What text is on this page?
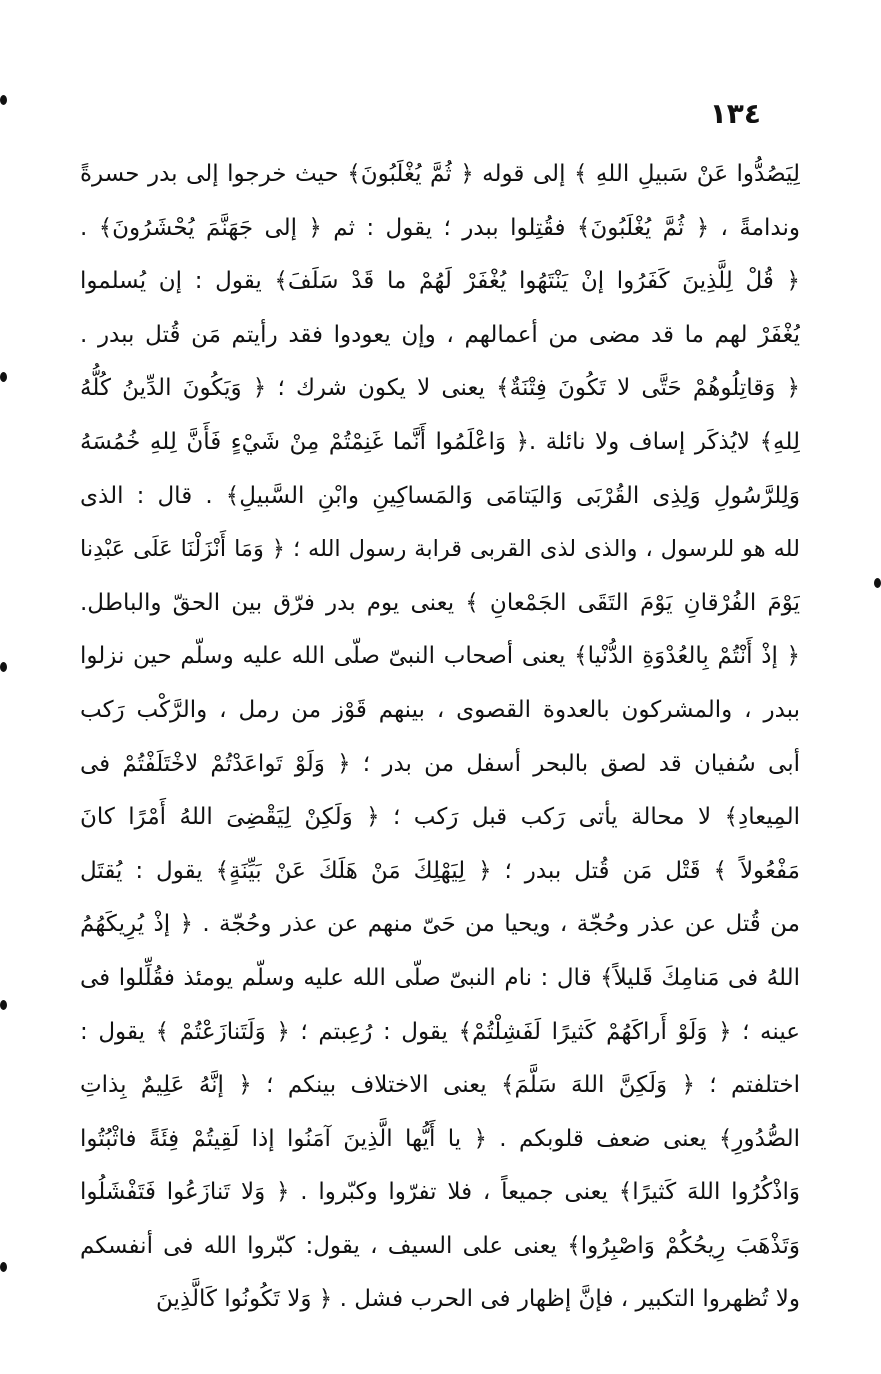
١٣٤
لِيَصُدُّوا عَنْ سَبيلِ اللهِ ﴾ إلى قوله ﴿ ثُمَّ يُغْلَبُونَ﴾ حيث خرجوا إلى بدر حسرةً
وندامةً ، ﴿ ثُمَّ يُغْلَبُونَ﴾ فقُتِلوا ببدر ؛ يقول : ثم ﴿ إلى جَهَنَّمَ يُحْشَرُونَ﴾ .
﴿ قُلْ لِلَّذِينَ كَفَرُوا إنْ يَنْتَهُوا يُغْفَرْ لَهُمْ ما قَدْ سَلَفَ﴾ يقول : إن يُسلموا
يُغْفَرْ لهم ما قد مضى من أعمالهم ، وإن يعودوا فقد رأيتم مَن قُتل ببدر .
﴿ وَقاتِلُوهُمْ حَتَّى لا تَكُونَ فِتْنَةٌ﴾ يعنى لا يكون شرك ؛ ﴿ وَيَكُونَ الدِّينُ كُلُّهُ
لِلهِ﴾ لايُذكَر إساف ولا نائلة .﴿ وَاعْلَمُوا أَنَّما غَنِمْتُمْ مِنْ شَيْءٍ فَأَنَّ لِلهِ خُمُسَهُ
وَلِلرَّسُولِ وَلِذِى القُرْبَى وَاليَتامَى وَالمَساكِينِ وابْنِ السَّبيلِ﴾ . قال : الذى
لله هو للرسول ، والذى لذى القربى قرابة رسول الله ؛ ﴿ وَمَا أَنْزَلْنَا عَلَى عَبْدِنا
يَوْمَ الفُرْقانِ يَوْمَ التَقَى الجَمْعانِ ﴾ يعنى يوم بدر فرّق بين الحقّ والباطل.
﴿ إذْ أَنْتُمْ بِالعُدْوَةِ الدُّنْيا﴾ يعنى أصحاب النبىّ صلّى الله عليه وسلّم حين نزلوا
ببدر ، والمشركون بالعدوة القصوى ، بينهم قَوْز من رمل ، والرَّكْب رَكب
أبى سُفيان قد لصق بالبحر أسفل من بدر ؛ ﴿ وَلَوْ تَواعَدْتُمْ لاخْتَلَفْتُمْ فى
المِيعادِ﴾ لا محالة يأتى رَكب قبل رَكب ؛ ﴿ وَلَكِنْ لِيَقْضِىَ اللهُ أَمْرًا كانَ
مَفْعُولاً ﴾ قَتْل مَن قُتل ببدر ؛ ﴿ لِيَهْلِكَ مَنْ هَلَكَ عَنْ بَيِّنَةٍ﴾ يقول : يُقتَل
من قُتل عن عذر وحُجّة ، ويحيا من حَىّ منهم عن عذر وحُجّة . ﴿ إذْ يُرِيكَهُمُ
اللهُ فى مَنامِكَ قَليلاً﴾ قال : نام النبىّ صلّى الله عليه وسلّم يومئذ فقُلِّلوا فى
عينه ؛ ﴿ وَلَوْ أَراكَهُمْ كَثيرًا لَفَشِلْتُمْ﴾ يقول : رُعِبتم ؛ ﴿ وَلَتَنازَعْتُمْ ﴾ يقول :
اختلفتم ؛ ﴿ وَلَكِنَّ اللهَ سَلَّمَ﴾ يعنى الاختلاف بينكم ؛ ﴿ إنَّهُ عَلِيمٌ بِذاتِ
الصُّدُورِ﴾ يعنى ضعف قلوبكم . ﴿ يا أَيُّها الَّذِينَ آمَنُوا إذا لَقِيتُمْ فِئَةً فاثْبُتُوا
وَاذْكُرُوا اللهَ كَثيرًا﴾ يعنى جميعاً ، فلا تفرّوا وكبّروا . ﴿ وَلا تَنازَعُوا فَتَفْشَلُوا
وَتَذْهَبَ رِيحُكُمْ وَاصْبِرُوا﴾ يعنى على السيف ، يقول: كبّروا الله فى أنفسكم
ولا تُظهروا التكبير ، فإنَّ إظهار فى الحرب فشل . ﴿ وَلا تَكُونُوا كَالَّذِينَ
